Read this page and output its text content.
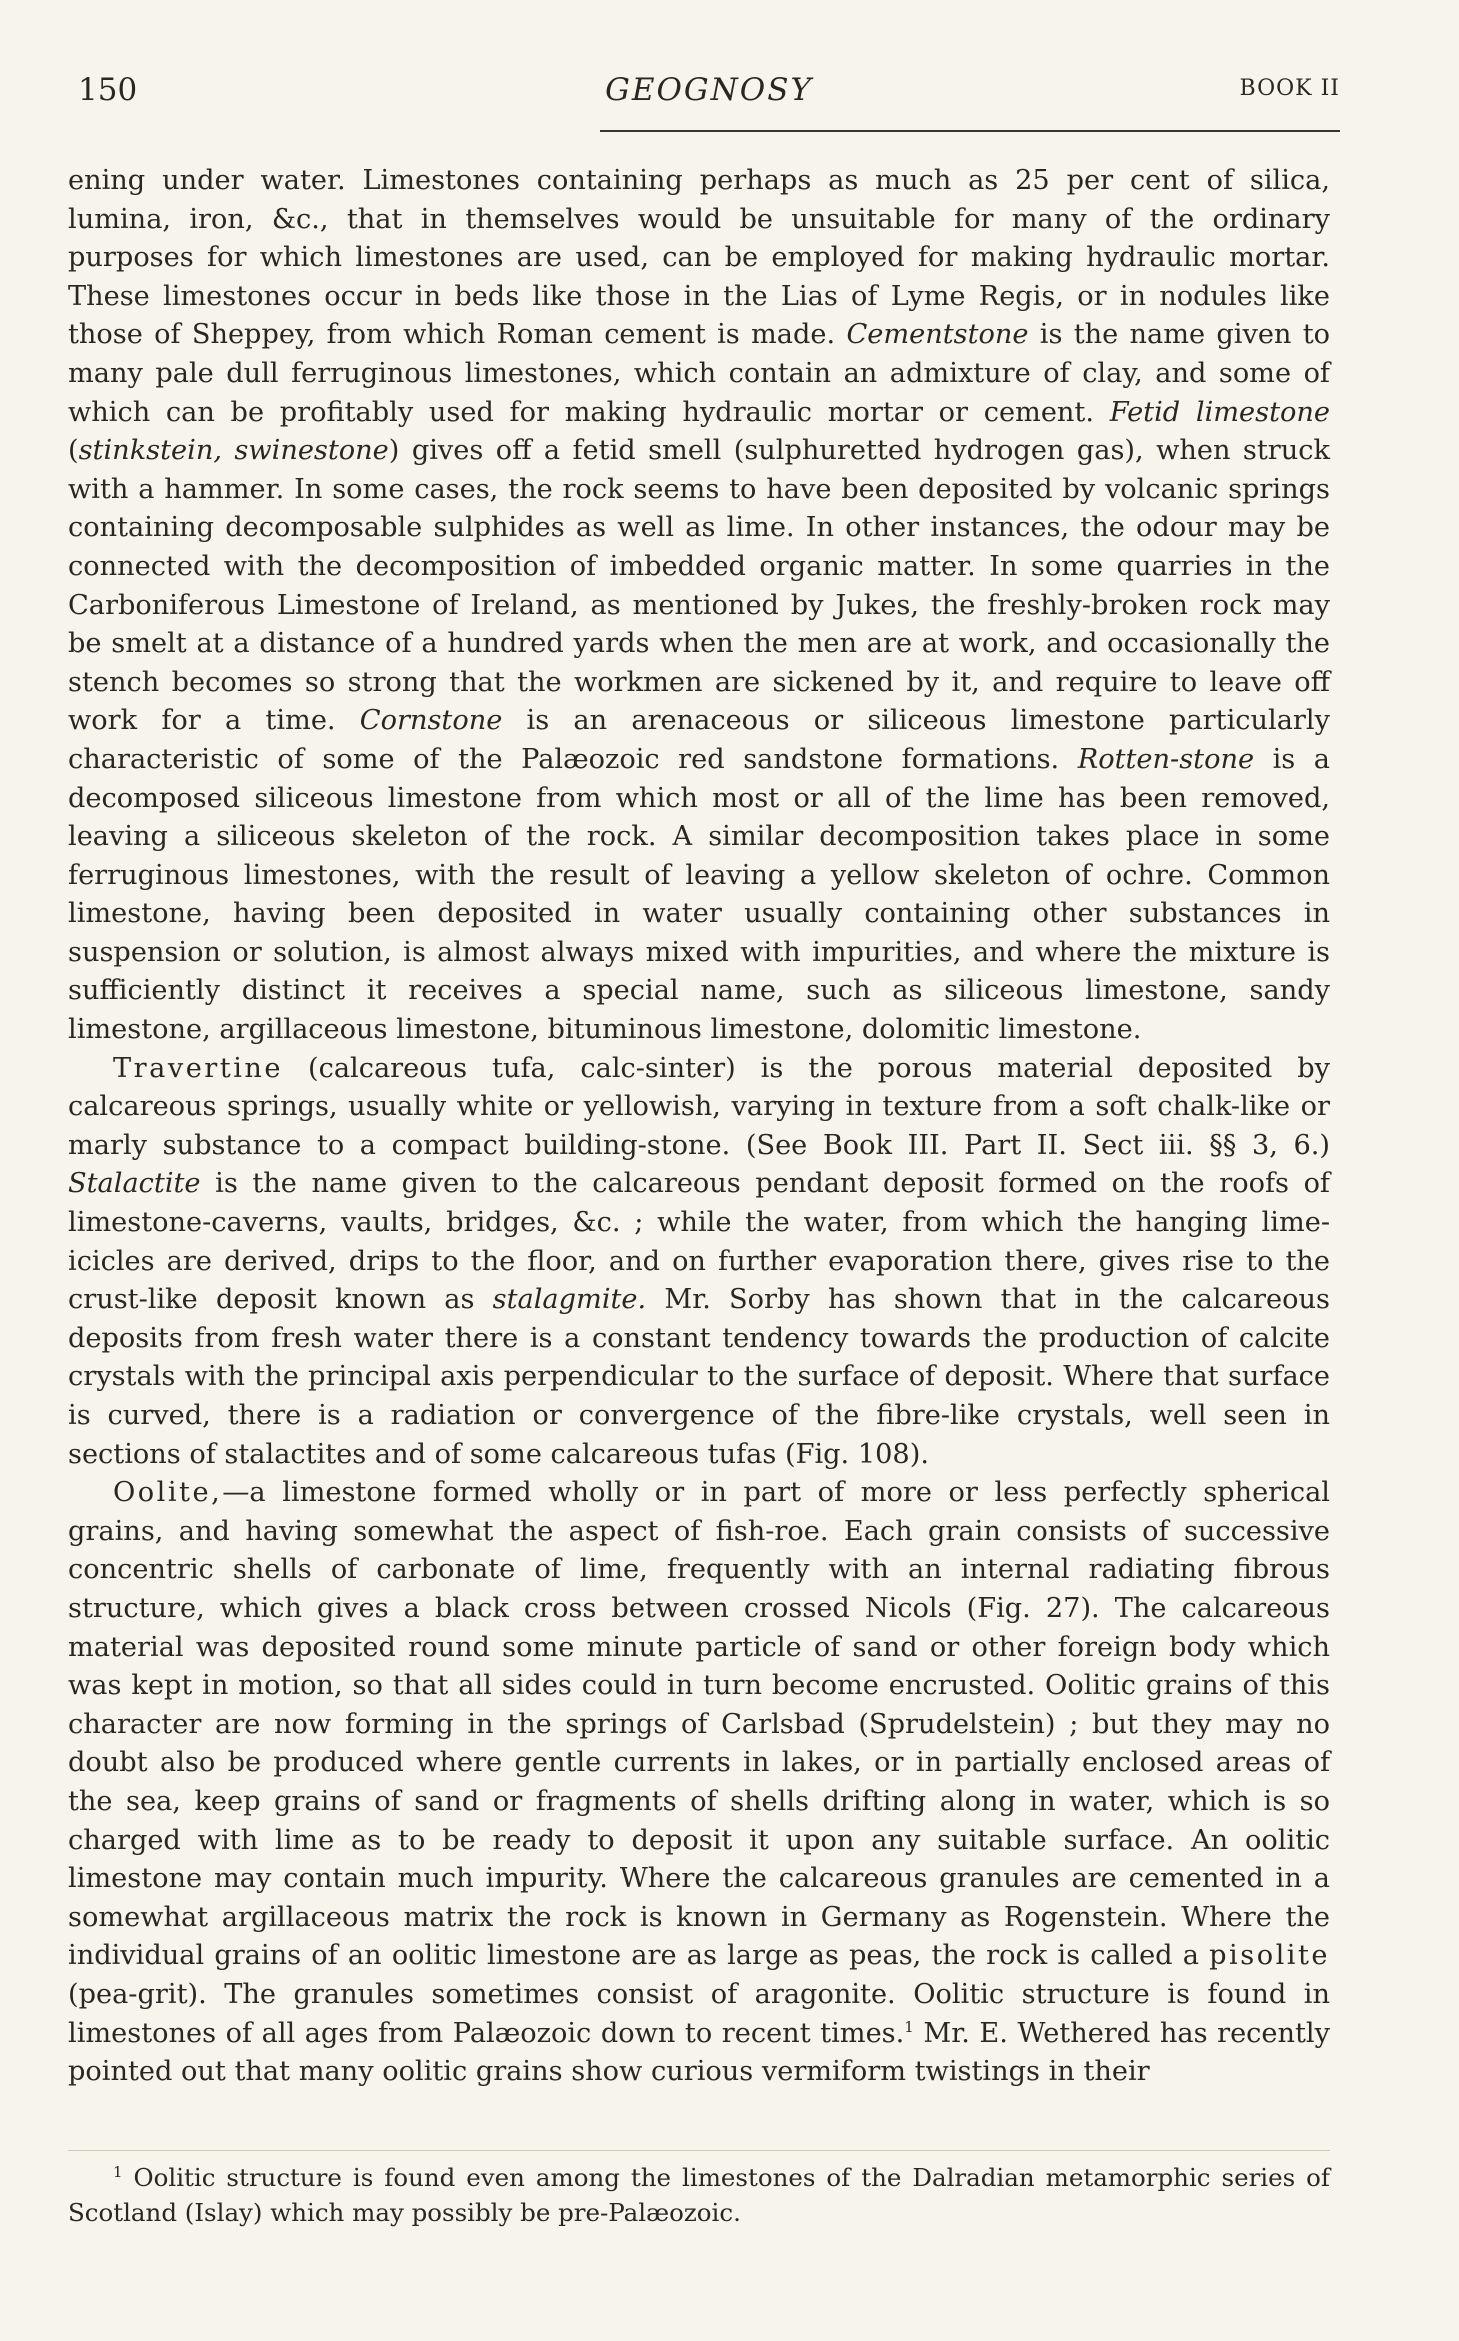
150	GEOGNOSY	BOOK II

ening under water. Limestones containing perhaps as much as 25 per cent of silica, lumina, iron, &c., that in themselves would be unsuitable for many of the ordinary purposes for which limestones are used, can be employed for making hydraulic mortar. These limestones occur in beds like those in the Lias of Lyme Regis, or in nodules like those of Sheppey, from which Roman cement is made. Cementstone is the name given to many pale dull ferruginous limestones, which contain an admixture of clay, and some of which can be profitably used for making hydraulic mortar or cement. Fetid limestone (stinkstein, swinestone) gives off a fetid smell (sulphuretted hydrogen gas), when struck with a hammer. In some cases, the rock seems to have been deposited by volcanic springs containing decomposable sulphides as well as lime. In other instances, the odour may be connected with the decomposition of imbedded organic matter. In some quarries in the Carboniferous Limestone of Ireland, as mentioned by Jukes, the freshly-broken rock may be smelt at a distance of a hundred yards when the men are at work, and occasionally the stench becomes so strong that the workmen are sickened by it, and require to leave off work for a time. Cornstone is an arenaceous or siliceous limestone particularly characteristic of some of the Palæozoic red sandstone formations. Rotten-stone is a decomposed siliceous limestone from which most or all of the lime has been removed, leaving a siliceous skeleton of the rock. A similar decomposition takes place in some ferruginous limestones, with the result of leaving a yellow skeleton of ochre. Common limestone, having been deposited in water usually containing other substances in suspension or solution, is almost always mixed with impurities, and where the mixture is sufficiently distinct it receives a special name, such as siliceous limestone, sandy limestone, argillaceous limestone, bituminous limestone, dolomitic limestone.

Travertine (calcareous tufa, calc-sinter) is the porous material deposited by calcareous springs, usually white or yellowish, varying in texture from a soft chalk-like or marly substance to a compact building-stone. (See Book III. Part II. Sect iii. §§ 3, 6.) Stalactite is the name given to the calcareous pendant deposit formed on the roofs of limestone-caverns, vaults, bridges, &c. ; while the water, from which the hanging lime-icicles are derived, drips to the floor, and on further evaporation there, gives rise to the crust-like deposit known as stalagmite. Mr. Sorby has shown that in the calcareous deposits from fresh water there is a constant tendency towards the production of calcite crystals with the principal axis perpendicular to the surface of deposit. Where that surface is curved, there is a radiation or convergence of the fibre-like crystals, well seen in sections of stalactites and of some calcareous tufas (Fig. 108).

Oolite,—a limestone formed wholly or in part of more or less perfectly spherical grains, and having somewhat the aspect of fish-roe. Each grain consists of successive concentric shells of carbonate of lime, frequently with an internal radiating fibrous structure, which gives a black cross between crossed Nicols (Fig. 27). The calcareous material was deposited round some minute particle of sand or other foreign body which was kept in motion, so that all sides could in turn become encrusted. Oolitic grains of this character are now forming in the springs of Carlsbad (Sprudelstein) ; but they may no doubt also be produced where gentle currents in lakes, or in partially enclosed areas of the sea, keep grains of sand or fragments of shells drifting along in water, which is so charged with lime as to be ready to deposit it upon any suitable surface. An oolitic limestone may contain much impurity. Where the calcareous granules are cemented in a somewhat argillaceous matrix the rock is known in Germany as Rogenstein. Where the individual grains of an oolitic limestone are as large as peas, the rock is called a pisolite (pea-grit). The granules sometimes consist of aragonite. Oolitic structure is found in limestones of all ages from Palæozoic down to recent times.$^1$ Mr. E. Wethered has recently pointed out that many oolitic grains show curious vermiform twistings in their

$^1$ Oolitic structure is found even among the limestones of the Dalradian metamorphic series of Scotland (Islay) which may possibly be pre-Palæozoic.
